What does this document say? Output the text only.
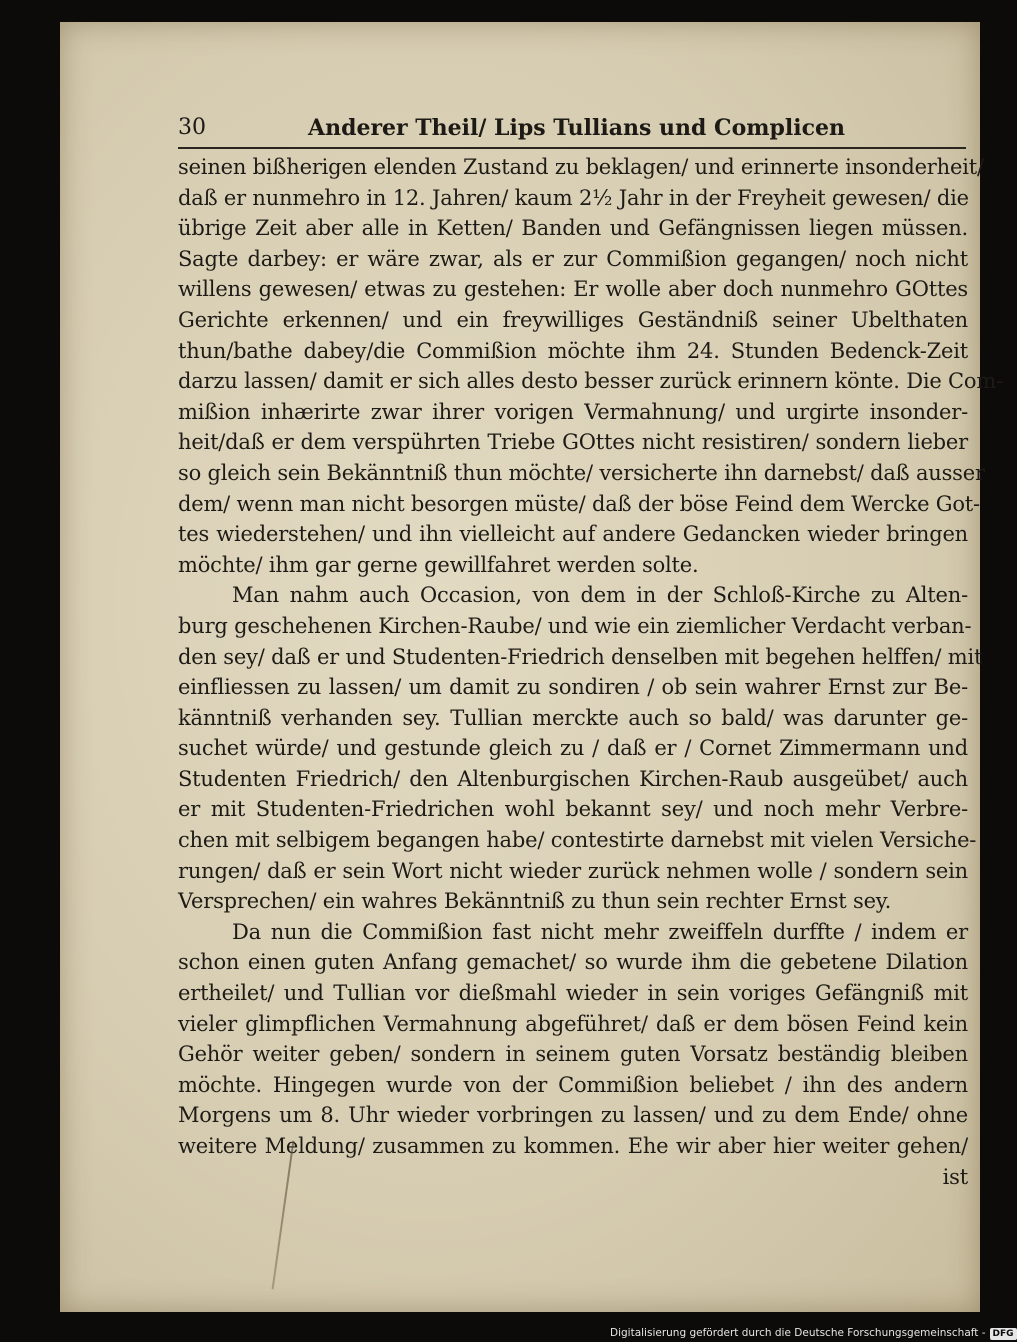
30	Anderer Theil/ Lips Tullians und Complicen
seinen bißherigen elenden Zustand zu beklagen/ und erinnerte insonderheit/
daß er nunmehro in 12. Jahren/ kaum 2½ Jahr in der Freyheit gewesen/ die
übrige Zeit aber alle in Ketten/ Banden und Gefängnissen liegen müssen.
Sagte darbey: er wäre zwar, als er zur Commißion gegangen/ noch nicht
willens gewesen/ etwas zu gestehen: Er wolle aber doch nunmehro GOttes
Gerichte erkennen/ und ein freywilliges Geständniß seiner Ubelthaten
thun/bathe dabey/die Commißion möchte ihm 24. Stunden Bedenck-Zeit
darzu lassen/ damit er sich alles desto besser zurück erinnern könte. Die Com-
mißion inhærirte zwar ihrer vorigen Vermahnung/ und urgirte insonder-
heit/daß er dem verspührten Triebe GOttes nicht resistiren/ sondern lieber
so gleich sein Bekänntniß thun möchte/ versicherte ihn darnebst/ daß ausser
dem/ wenn man nicht besorgen müste/ daß der böse Feind dem Wercke Got-
tes wiederstehen/ und ihn vielleicht auf andere Gedancken wieder bringen
möchte/ ihm gar gerne gewillfahret werden solte.
Man nahm auch Occasion, von dem in der Schloß-Kirche zu Alten-
burg geschehenen Kirchen-Raube/ und wie ein ziemlicher Verdacht verban-
den sey/ daß er und Studenten-Friedrich denselben mit begehen helffen/ mit
einfliessen zu lassen/ um damit zu sondiren / ob sein wahrer Ernst zur Be-
känntniß verhanden sey. Tullian merckte auch so bald/ was darunter ge-
suchet würde/ und gestunde gleich zu / daß er / Cornet Zimmermann und
Studenten Friedrich/ den Altenburgischen Kirchen-Raub ausgeübet/ auch
er mit Studenten-Friedrichen wohl bekannt sey/ und noch mehr Verbre-
chen mit selbigem begangen habe/ contestirte darnebst mit vielen Versiche-
rungen/ daß er sein Wort nicht wieder zurück nehmen wolle / sondern sein
Versprechen/ ein wahres Bekänntniß zu thun sein rechter Ernst sey.
Da nun die Commißion fast nicht mehr zweiffeln durffte / indem er
schon einen guten Anfang gemachet/ so wurde ihm die gebetene Dilation
ertheilet/ und Tullian vor dießmahl wieder in sein voriges Gefängniß mit
vieler glimpflichen Vermahnung abgeführet/ daß er dem bösen Feind kein
Gehör weiter geben/ sondern in seinem guten Vorsatz beständig bleiben
möchte. Hingegen wurde von der Commißion beliebet / ihn des andern
Morgens um 8. Uhr wieder vorbringen zu lassen/ und zu dem Ende/ ohne
weitere Meldung/ zusammen zu kommen. Ehe wir aber hier weiter gehen/
ist
Digitalisierung gefördert durch die Deutsche Forschungsgemeinschaft - DFG
